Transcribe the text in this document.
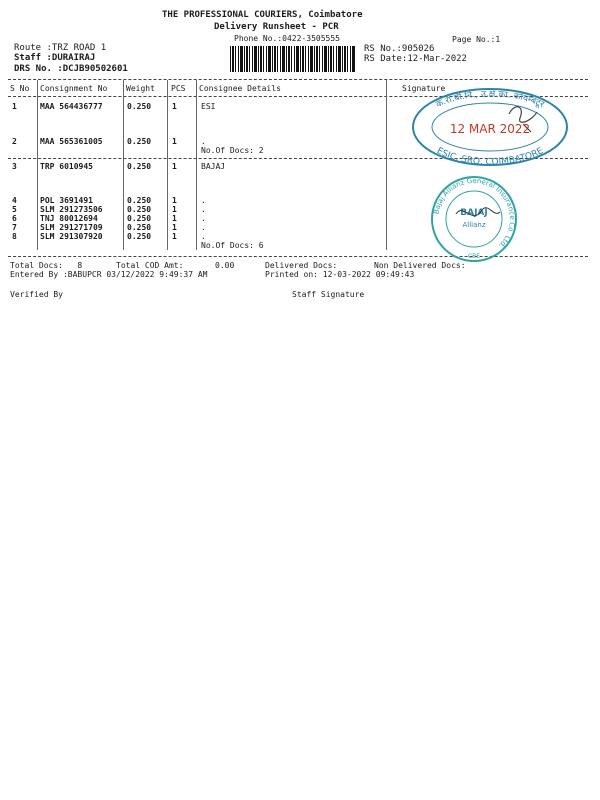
THE PROFESSIONAL COURIERS, Coimbatore
Delivery Runsheet - PCR
Phone No.:0422-3505555	Page No.:1
Route :TRZ ROAD 1
Staff :DURAIRAJ
DRS No. :DCJB90502601
RS No.:905026
RS Date:12-Mar-2022
S No Consignment No Weight PCS Consignee Details	Signature
1	MAA 564436777	0.250	1	ESI
2	MAA 565361005	0.250	1	.
No.Of Docs: 2
3	TRP 6010945	0.250	1	BAJAJ
4	POL 3691491	0.250	1	.
5	SLM 291273506	0.250	1	.
6	TNJ 80012694	0.250	1	.
7	SLM 291271709	0.250	1	.
8	SLM 291307920	0.250	1	.
No.Of Docs: 6
क.रा.बी.नि., उ.क्षे.का. कोयम्बटूर
ESIC, SRO, COIMBATORE
12 MAR 2022
Bajaj Allianz General Insurance Co. Ltd.
BAJAJ
Allianz
CBE
Total Docs:   8	Total COD Amt:	0.00	Delivered Docs:	Non Delivered Docs:
Entered By :BABUPCR 03/12/2022 9:49:37 AM	Printed on: 12-03-2022 09:49:43
Verified By	Staff Signature
